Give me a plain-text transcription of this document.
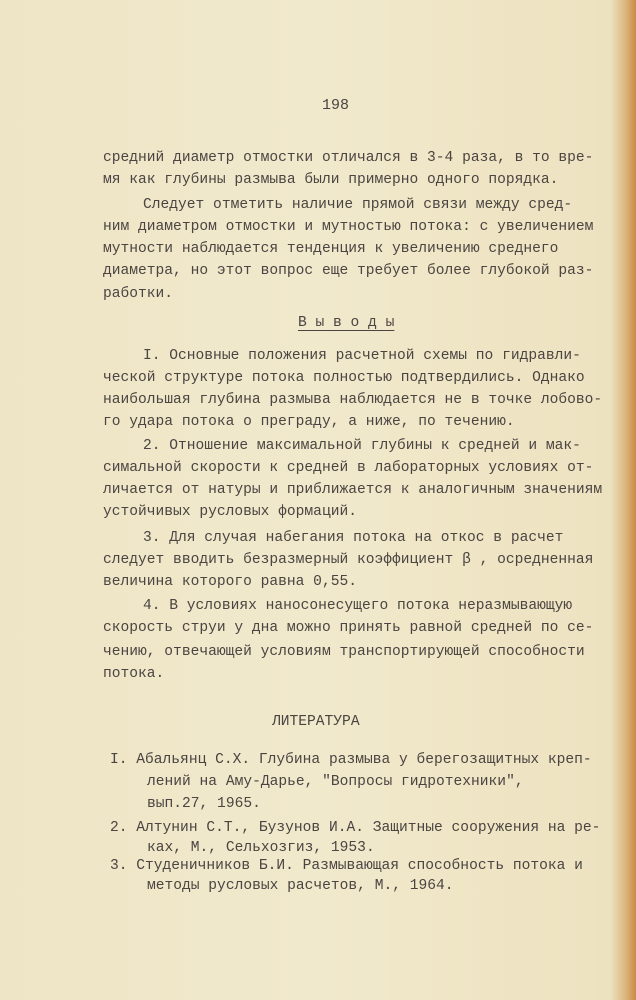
198
средний диаметр отмостки отличался в 3-4 раза, в то вре-
мя как глубины размыва были примерно одного порядка.
Следует отметить наличие прямой связи между сред-
ним диаметром отмостки и мутностью потока: с увеличением
мутности наблюдается тенденция к увеличению среднего
диаметра, но этот вопрос еще требует более глубокой раз-
работки.
В ы в о д ы
I. Основные положения расчетной схемы по гидравли-
ческой структуре потока полностью подтвердились. Однако
наибольшая глубина размыва наблюдается не в точке лобово-
го удара потока о преграду, а ниже, по течению.
2. Отношение максимальной глубины к средней и мак-
симальной скорости к средней в лабораторных условиях от-
личается от натуры и приближается к аналогичным значениям
устойчивых русловых формаций.
3. Для случая набегания потока на откос в расчет
следует вводить безразмерный коэффициент β , осредненная
величина которого равна 0,55.
4. В условиях наносонесущего потока неразмывающую
скорость струи у дна можно принять равной средней по се-
чению, отвечающей условиям транспортирующей способности
потока.
ЛИТЕРАТУРА
I. Абальянц С.Х. Глубина размыва у берегозащитных креп-
лений на Аму-Дарье, "Вопросы гидротехники",
вып.27, 1965.
2. Алтунин С.Т., Бузунов И.А. Защитные сооружения на ре-
ках, М., Сельхозгиз, 1953.
3. Студеничников Б.И. Размывающая способность потока и
методы русловых расчетов, М., 1964.
